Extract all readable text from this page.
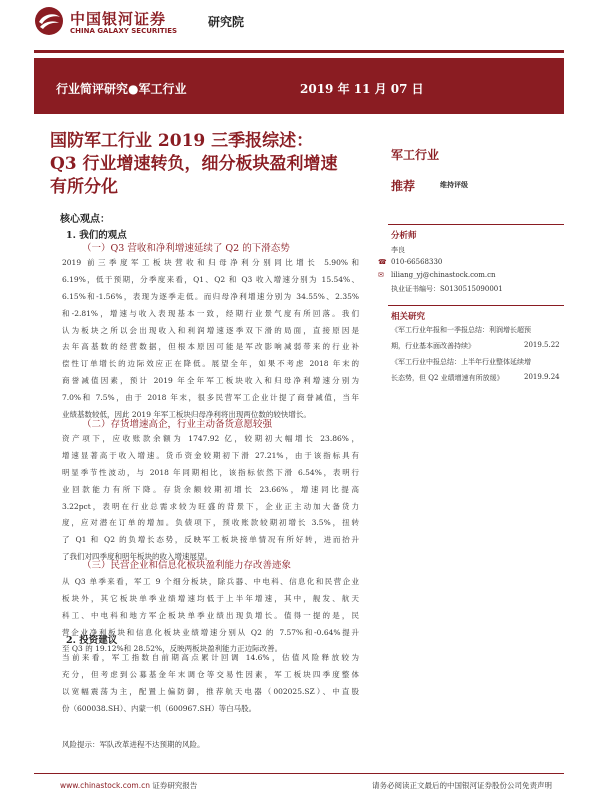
中国银河证券
CHINA GALAXY SECURITIES
研究院
行业简评研究●军工行业	2019 年 11 月 07 日
国防军工行业 2019 三季报综述：
Q3 行业增速转负，细分板块盈利增速
有所分化
核心观点：
军工行业
推荐	维持评级
分析师
李良
☎ 010-66568330
✉ liliang_yj@chinastock.com.cn
执业证书编号：S0130515090001
相关研究
《军工行业年报和一季报总结：利润增长超预
期，行业基本面改善持续》	2019.5.22
《军工行业中报总结：上半年行业整体延续增
长态势，但 Q2 业绩增速有所放缓》	2019.9.24
1. 我们的观点
（一）Q3 营收和净利增速延续了 Q2 的下滑态势
2019 前三季度军工板块营收和归母净利分别同比增长 5.90%和
6.19%，低于预期，分季度来看，Q1、Q2 和 Q3 收入增速分别为 15.54%、
6.15%和-1.56%，表现为逐季走低。而归母净利增速分别为 34.55%、2.35%
和-2.81%，增速与收入表现基本一致，经期行业景气度有所回落。我们
认为板块之所以会出现收入和利润增速逐季双下滑的局面，直接原因是
去年高基数的经营数据，但根本原因可能是军改影响减弱带来的行业补
偿性订单增长的边际效应正在降低。展望全年，如果不考虑 2018 年末的
商誉减值因素，预计 2019 年全年军工板块收入和归母净利增速分别为
7.0%和 7.5%，由于 2018 年末，很多民营军工企业计提了商誉减值，当年
业绩基数较低，因此 2019 年军工板块归母净利将出现两位数的较快增长。
（二）存货增速高企，行业主动备货意愿较强
资产项下，应收账款余额为 1747.92 亿，较期初大幅增长 23.86%，
增速显著高于收入增速。货币资金较期初下滑 27.21%，由于该指标具有
明显季节性波动，与 2018 年同期相比，该指标依然下滑 6.54%，表明行
业回款能力有所下降。存货余额较期初增长 23.66%，增速同比提高
3.22pct，表明在行业总需求较为旺盛的背景下，企业正主动加大备货力
度，应对潜在订单的增加。负债项下，预收账款较期初增长 3.5%，扭转
了 Q1 和 Q2 的负增长态势，反映军工板块接单情况有所好转，进而抬升
了我们对四季度和明年板块的收入增速展望。
（三）民营企业和信息化板块盈利能力存改善迹象
从 Q3 单季来看，军工 9 个细分板块，除兵器、中电科、信息化和民营企业
板块外，其它板块单季业绩增速均低于上半年增速，其中，舰发、航天
科工、中电科和地方军企板块单季业绩出现负增长。值得一提的是，民
营企业净利板块和信息化板块业绩增速分别从 Q2 的 7.57%和-0.64%提升
至 Q3 的 19.12%和 28.52%，反映两板块盈利能力正边际改善。
2. 投资建议
当前来看，军工指数自前期高点累计回调 14.6%，估值风险释放较为
充分，但考虑到公募基金年末调仓等交易性因素，军工板块四季度整体
以宽幅震荡为主，配置上偏防御，推荐航天电器（002025.SZ）、中直股
份（600038.SH）、内蒙一机（600967.SH）等白马股。
风险提示：军队改革进程不达预期的风险。
www.chinastock.com.cn 证券研究报告	请务必阅读正文最后的中国银河证券股份公司免责声明
